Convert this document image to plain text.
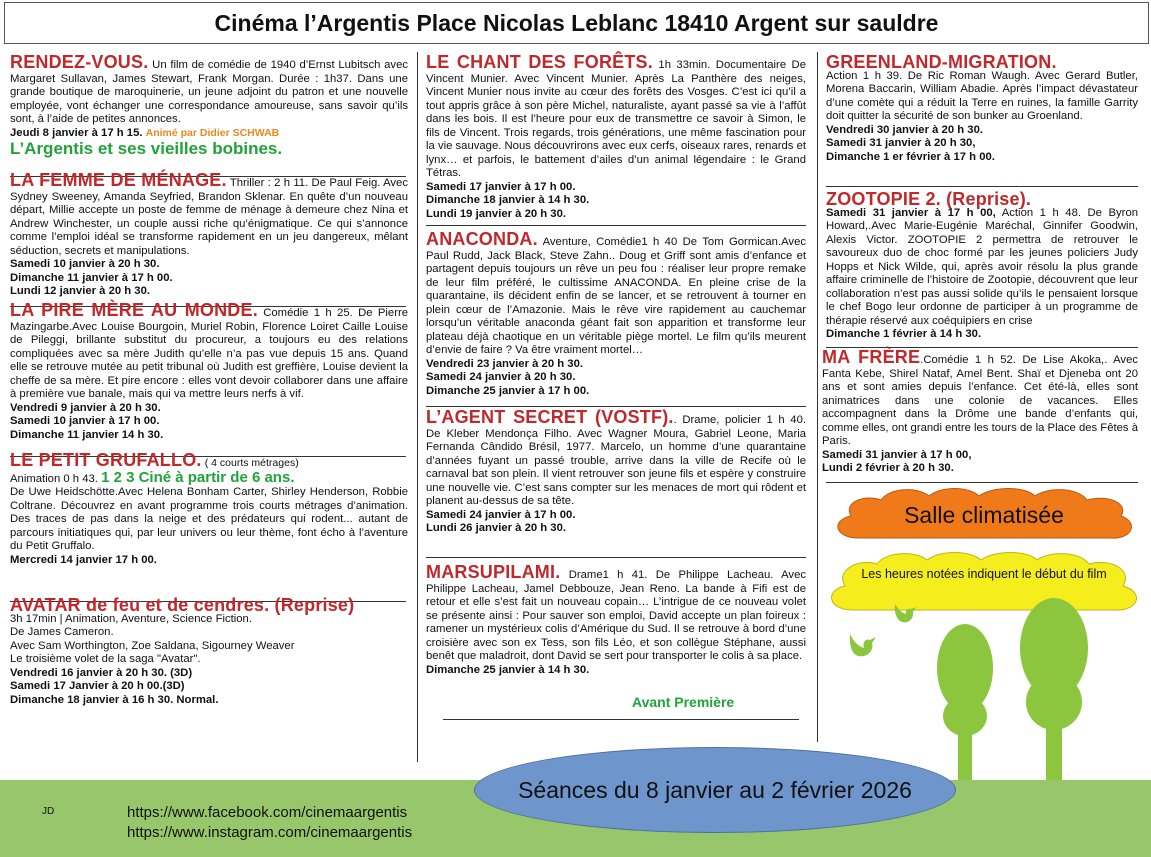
Cinéma l’Argentis Place Nicolas Leblanc 18410 Argent sur sauldre
RENDEZ-VOUS. Un film de comédie de 1940 d’Ernst Lubitsch avec Margaret Sullavan, James Stewart, Frank Morgan. Durée : 1h37. Dans une grande boutique de maroquinerie, un jeune adjoint du patron et une nouvelle employée, vont échanger une correspondance amoureuse, sans savoir qu’ils sont, à l’aide de petites annonces.
Jeudi 8 janvier à 17 h 15. Animé par Didier SCHWAB
L’Argentis et ses vieilles bobines.
LA FEMME DE MÉNAGE. Thriller : 2 h 11. De Paul Feig. Avec Sydney Sweeney, Amanda Seyfried, Brandon Sklenar. En quête d’un nouveau départ, Millie accepte un poste de femme de ménage à demeure chez Nina et Andrew Winchester, un couple aussi riche qu’énigmatique. Ce qui s’annonce comme l’emploi idéal se transforme rapidement en un jeu dangereux, mêlant séduction, secrets et manipulations.
Samedi 10 janvier à 20 h 30.
Dimanche 11 janvier à 17 h 00.
Lundi 12 janvier à 20 h 30.
LA PIRE MÈRE AU MONDE. Comédie 1 h 25. De Pierre Mazingarbe.Avec Louise Bourgoin, Muriel Robin, Florence Loiret Caille Louise de Pileggi, brillante substitut du procureur, a toujours eu des relations compliquées avec sa mère Judith qu’elle n’a pas vue depuis 15 ans. Quand elle se retrouve mutée au petit tribunal où Judith est greffière, Louise devient la cheffe de sa mère. Et pire encore : elles vont devoir collaborer dans une affaire à première vue banale, mais qui va mettre leurs nerfs à vif.
Vendredi 9 janvier à 20 h 30.
Samedi 10 janvier à 17 h 00.
Dimanche 11 janvier 14 h 30.
LE PETIT GRUFALLO. ( 4 courts métrages)
Animation 0 h 43. 1 2 3 Ciné à partir de 6 ans.
De Uwe Heidschötte.Avec Helena Bonham Carter, Shirley Henderson, Robbie Coltrane. Découvrez en avant programme trois courts métrages d’animation. Des traces de pas dans la neige et des prédateurs qui rodent... autant de parcours initiatiques qui, par leur univers ou leur thème, font écho à l’aventure du Petit Gruffalo.
Mercredi 14 janvier 17 h 00.
AVATAR de feu et de cendres. (Reprise)
3h 17min | Animation, Aventure, Science Fiction.
De James Cameron.
Avec Sam Worthington, Zoe Saldana, Sigourney Weaver
Le troisième volet de la saga "Avatar".
Vendredi 16 janvier à 20 h 30. (3D)
Samedi 17 Janvier à 20 h 00.(3D)
Dimanche 18 janvier à 16 h 30. Normal.
LE CHANT DES FORÊTS. 1h 33min. Documentaire De Vincent Munier. Avec Vincent Munier. Après La Panthère des neiges, Vincent Munier nous invite au cœur des forêts des Vosges. C’est ici qu’il a tout appris grâce à son père Michel, naturaliste, ayant passé sa vie à l’affût dans les bois. Il est l’heure pour eux de transmettre ce savoir à Simon, le fils de Vincent. Trois regards, trois générations, une même fascination pour la vie sauvage. Nous découvrirons avec eux cerfs, oiseaux rares, renards et lynx… et parfois, le battement d’ailes d’un animal légendaire : le Grand Tétras.
Samedi 17 janvier à 17 h 00.
Dimanche 18 janvier à 14 h 30.
Lundi 19 janvier à 20 h 30.
ANACONDA. Aventure, Comédie1 h 40 De Tom Gormican.Avec Paul Rudd, Jack Black, Steve Zahn.. Doug et Griff sont amis d’enfance et partagent depuis toujours un rêve un peu fou : réaliser leur propre remake de leur film préféré, le cultissime ANACONDA. En pleine crise de la quarantaine, ils décident enfin de se lancer, et se retrouvent à tourner en plein cœur de l’Amazonie. Mais le rêve vire rapidement au cauchemar lorsqu’un véritable anaconda géant fait son apparition et transforme leur plateau déjà chaotique en un véritable piège mortel. Le film qu’ils meurent d’envie de faire ? Va être vraiment mortel…
Vendredi 23 janvier à 20 h 30.
Samedi 24 janvier à 20 h 30.
Dimanche 25 janvier à 17 h 00.
L’AGENT SECRET (VOSTF).. Drame, policier 1 h 40. De Kleber Mendonça Filho. Avec Wagner Moura, Gabriel Leone, Maria Fernanda Cândido Brésil, 1977. Marcelo, un homme d’une quarantaine d’années fuyant un passé trouble, arrive dans la ville de Recife où le carnaval bat son plein. Il vient retrouver son jeune fils et espère y construire une nouvelle vie. C’est sans compter sur les menaces de mort qui rôdent et planent au-dessus de sa tête.
Samedi 24 janvier à 17 h 00.
Lundi 26 janvier à 20 h 30.
MARSUPILAMI. Drame1 h 41. De Philippe Lacheau. Avec Philippe Lacheau, Jamel Debbouze, Jean Reno. La bande à Fifi est de retour et elle s’est fait un nouveau copain… L’intrigue de ce nouveau volet se présente ainsi : Pour sauver son emploi, David accepte un plan foireux : ramener un mystérieux colis d’Amérique du Sud. Il se retrouve à bord d’une croisière avec son ex Tess, son fils Léo, et son collègue Stéphane, aussi benêt que maladroit, dont David se sert pour transporter le colis à sa place.
Dimanche 25 janvier à 14 h 30.
Avant Première
GREENLAND-MIGRATION.
Action 1 h 39. De Ric Roman Waugh. Avec Gerard Butler, Morena Baccarin, William Abadie. Après l’impact dévastateur d’une comète qui a réduit la Terre en ruines, la famille Garrity doit quitter la sécurité de son bunker au Groenland.
Vendredi 30 janvier à 20 h 30.
Samedi 31 janvier à 20 h 30,
Dimanche 1 er février à 17 h 00.
ZOOTOPIE 2. (Reprise).
Samedi 31 janvier à 17 h 00, Action 1 h 48. De Byron Howard,.Avec Marie-Eugénie Maréchal, Ginnifer Goodwin, Alexis Victor. ZOOTOPIE 2 permettra de retrouver le savoureux duo de choc formé par les jeunes policiers Judy Hopps et Nick Wilde, qui, après avoir résolu la plus grande affaire criminelle de l’histoire de Zootopie, découvrent que leur collaboration n’est pas aussi solide qu’ils le pensaient lorsque le chef Bogo leur ordonne de participer à un programme de thérapie réservé aux coéquipiers en crise
Dimanche 1 février à 14 h 30.
MA FRÈRE.Comédie 1 h 52. De Lise Akoka,. Avec Fanta Kebe, Shirel Nataf, Amel Bent. Shaï et Djeneba ont 20 ans et sont amies depuis l’enfance. Cet été-là, elles sont animatrices dans une colonie de vacances. Elles accompagnent dans la Drôme une bande d’enfants qui, comme elles, ont grandi entre les tours de la Place des Fêtes à Paris.
Samedi 31 janvier à 17 h 00,
Lundi 2 février à 20 h 30.
Salle climatisée
Les heures notées indiquent le début du film
Séances du 8 janvier au 2 février 2026
JD	https://www.facebook.com/cinemaargentis
https://www.instagram.com/cinemaargentis
